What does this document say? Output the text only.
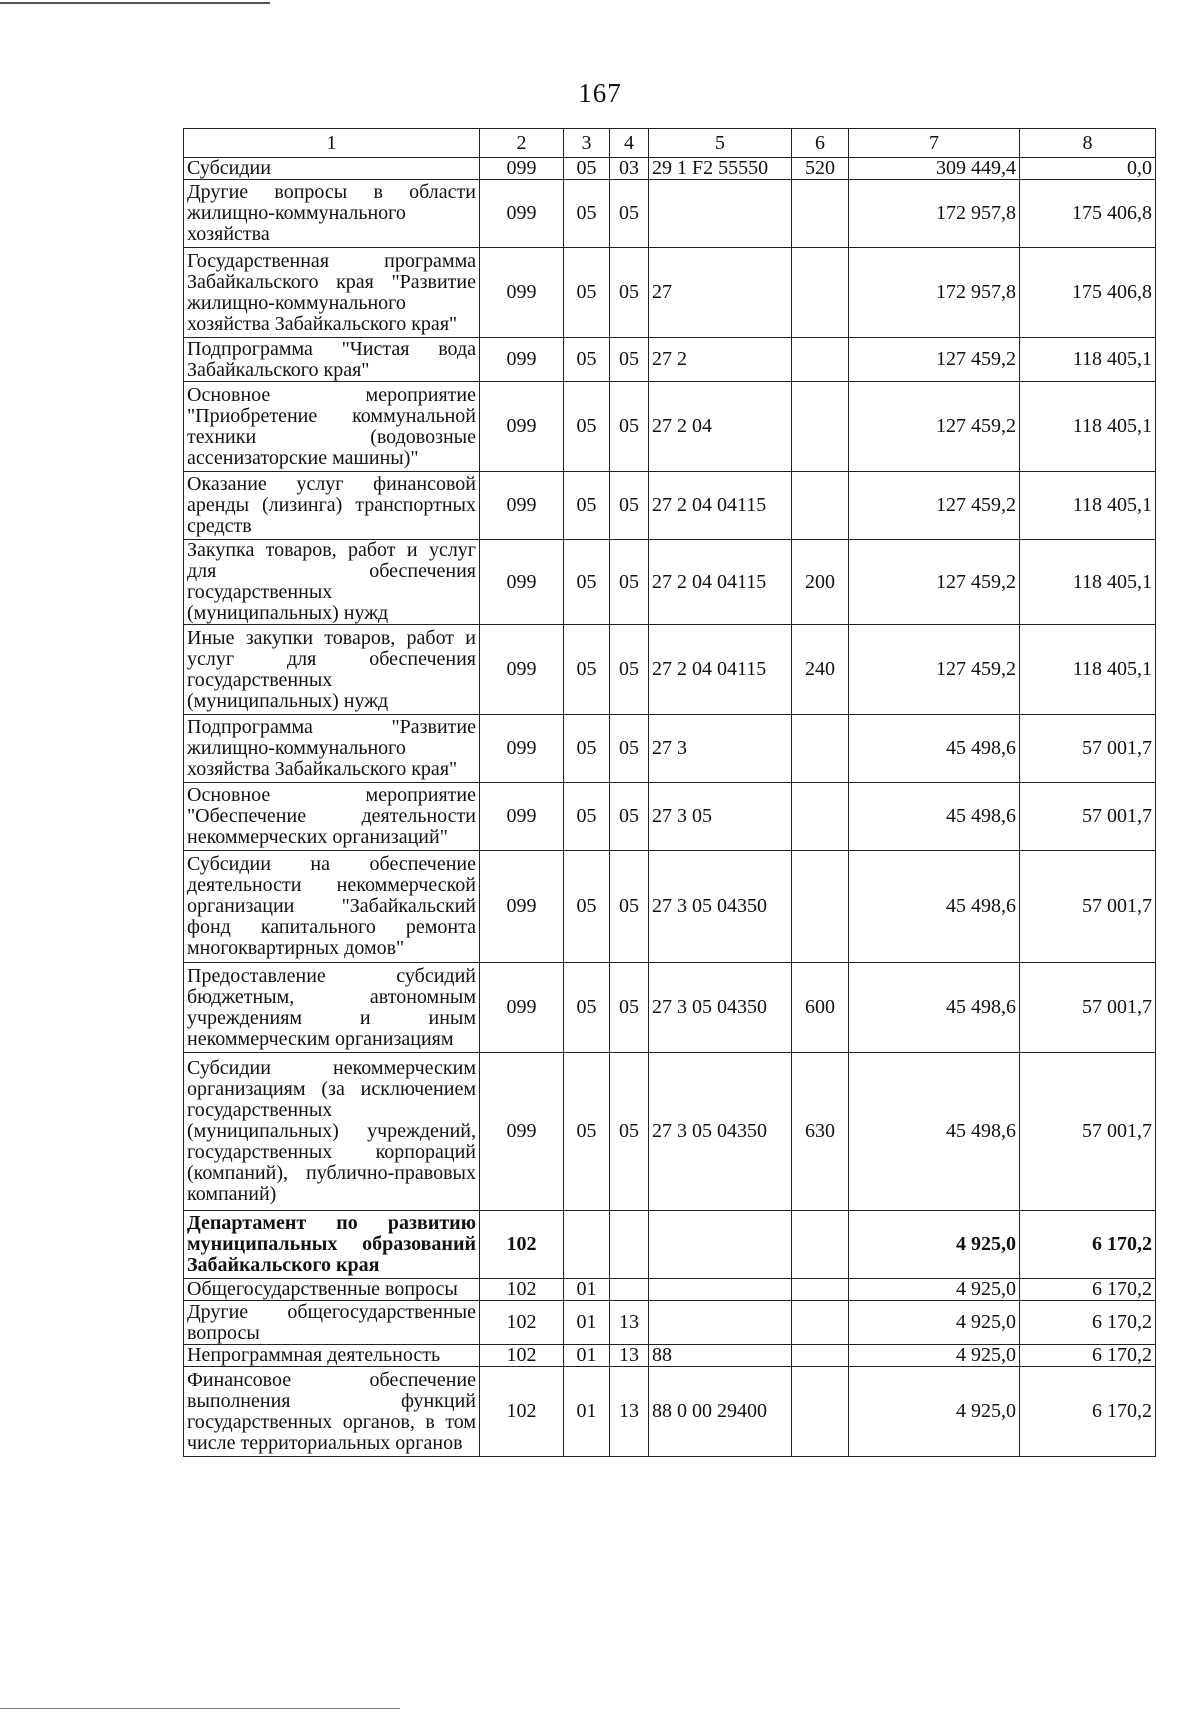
167
1	2	3	4	5	6	7	8
Субсидии	099	05	03	29 1 F2 55550	520	309 449,4	0,0
Другие вопросы в области жилищно-коммунального хозяйства	099	05	05			172 957,8	175 406,8
Государственная программа Забайкальского края "Развитие жилищно-коммунального хозяйства Забайкальского края"	099	05	05	27		172 957,8	175 406,8
Подпрограмма "Чистая вода Забайкальского края"	099	05	05	27 2		127 459,2	118 405,1
Основное мероприятие "Приобретение коммунальной техники (водовозные ассенизаторские машины)"	099	05	05	27 2 04		127 459,2	118 405,1
Оказание услуг финансовой аренды (лизинга) транспортных средств	099	05	05	27 2 04 04115		127 459,2	118 405,1
Закупка товаров, работ и услуг для обеспечения государственных (муниципальных) нужд	099	05	05	27 2 04 04115	200	127 459,2	118 405,1
Иные закупки товаров, работ и услуг для обеспечения государственных (муниципальных) нужд	099	05	05	27 2 04 04115	240	127 459,2	118 405,1
Подпрограмма "Развитие жилищно-коммунального хозяйства Забайкальского края"	099	05	05	27 3		45 498,6	57 001,7
Основное мероприятие "Обеспечение деятельности некоммерческих организаций"	099	05	05	27 3 05		45 498,6	57 001,7
Субсидии на обеспечение деятельности некоммерческой организации "Забайкальский фонд капитального ремонта многоквартирных домов"	099	05	05	27 3 05 04350		45 498,6	57 001,7
Предоставление субсидий бюджетным, автономным учреждениям и иным некоммерческим организациям	099	05	05	27 3 05 04350	600	45 498,6	57 001,7
Субсидии некоммерческим организациям (за исключением государственных (муниципальных) учреждений, государственных корпораций (компаний), публично-правовых компаний)	099	05	05	27 3 05 04350	630	45 498,6	57 001,7
Департамент по развитию муниципальных образований Забайкальского края	102					4 925,0	6 170,2
Общегосударственные вопросы	102	01				4 925,0	6 170,2
Другие общегосударственные вопросы	102	01	13			4 925,0	6 170,2
Непрограммная деятельность	102	01	13	88		4 925,0	6 170,2
Финансовое обеспечение выполнения функций государственных органов, в том числе территориальных органов	102	01	13	88 0 00 29400		4 925,0	6 170,2
